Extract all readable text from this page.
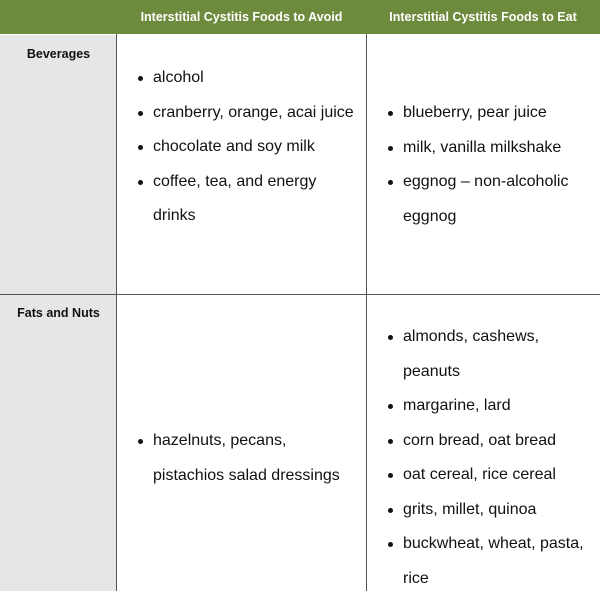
Interstitial Cystitis Foods to Avoid	Interstitial Cystitis Foods to Eat
Beverages
Fats and Nuts
alcohol
cranberry, orange, acai juice
chocolate and soy milk
coffee, tea, and energy drinks
blueberry, pear juice
milk, vanilla milkshake
eggnog – non-alcoholic eggnog
hazelnuts, pecans, pistachios salad dressings
almonds, cashews, peanuts
margarine, lard
corn bread, oat bread
oat cereal, rice cereal
grits, millet, quinoa
buckwheat, wheat, pasta, rice
